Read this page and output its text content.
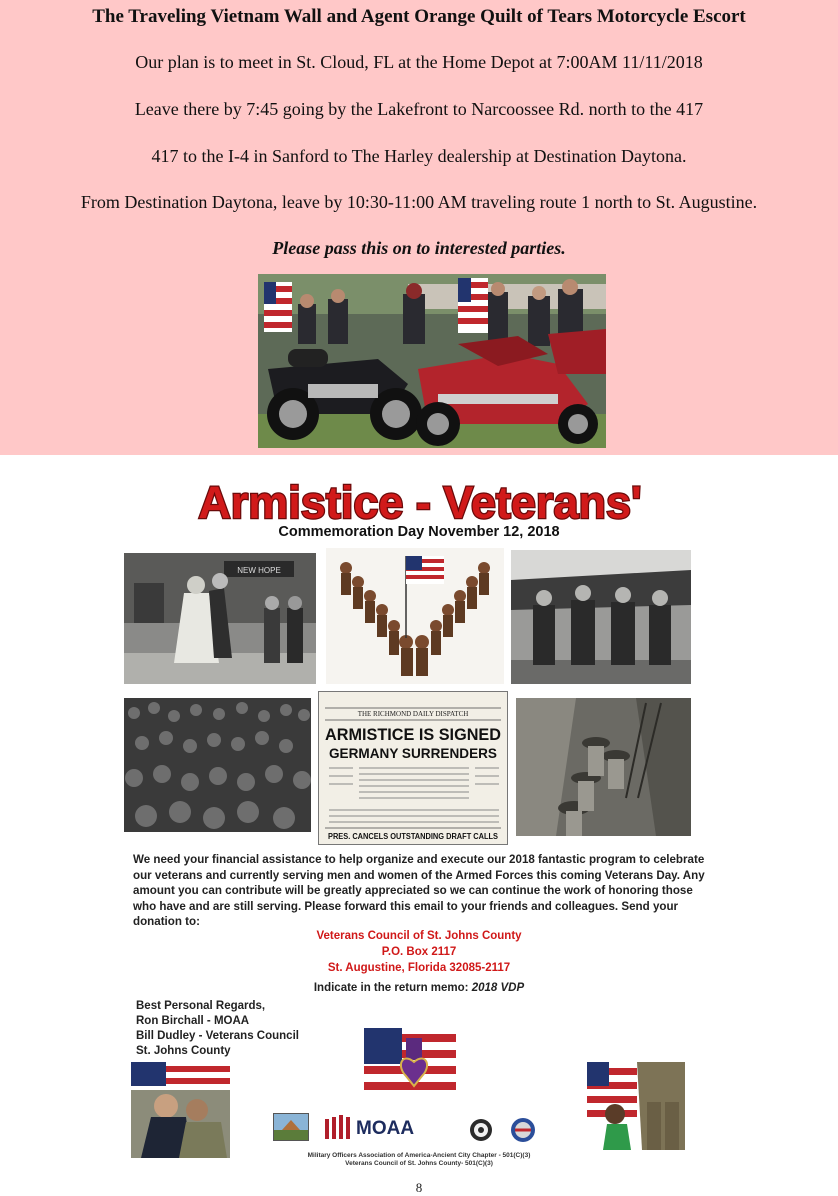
The Traveling Vietnam Wall and Agent Orange Quilt of Tears Motorcycle Escort
Our plan is to meet in St. Cloud, FL at the Home Depot at 7:00AM 11/11/2018
Leave there by 7:45 going by the Lakefront to Narcoossee Rd. north to the 417
417 to the I-4 in Sanford to The Harley dealership at Destination Daytona.
From Destination Daytona, leave by 10:30-11:00 AM traveling route 1 north to St. Augustine.
Please pass this on to interested parties.
Armistice - Veterans'
Commemoration Day November 12, 2018
NEW HOPE
THE RICHMOND DAILY DISPATCH
ARMISTICE IS SIGNED
GERMANY SURRENDERS
PRES. CANCELS OUTSTANDING DRAFT CALLS
We need your financial assistance to help organize and execute our 2018 fantastic program to celebrate our veterans and currently serving men and women of the Armed Forces this coming Veterans Day. Any amount you can contribute will be greatly appreciated so we can continue the work of honoring those who have and are still serving. Please forward this email to your friends and colleagues. Send your donation to:
Veterans Council of St. Johns County
P.O. Box 2117
St. Augustine, Florida 32085-2117
Indicate in the return memo: 2018 VDP
Best Personal Regards,
Ron Birchall - MOAA
Bill Dudley - Veterans Council
St. Johns County
MOAA
Military Officers Association of America-Ancient City Chapter - 501(C)(3)
Veterans Council of St. Johns County- 501(C)(3)
8
